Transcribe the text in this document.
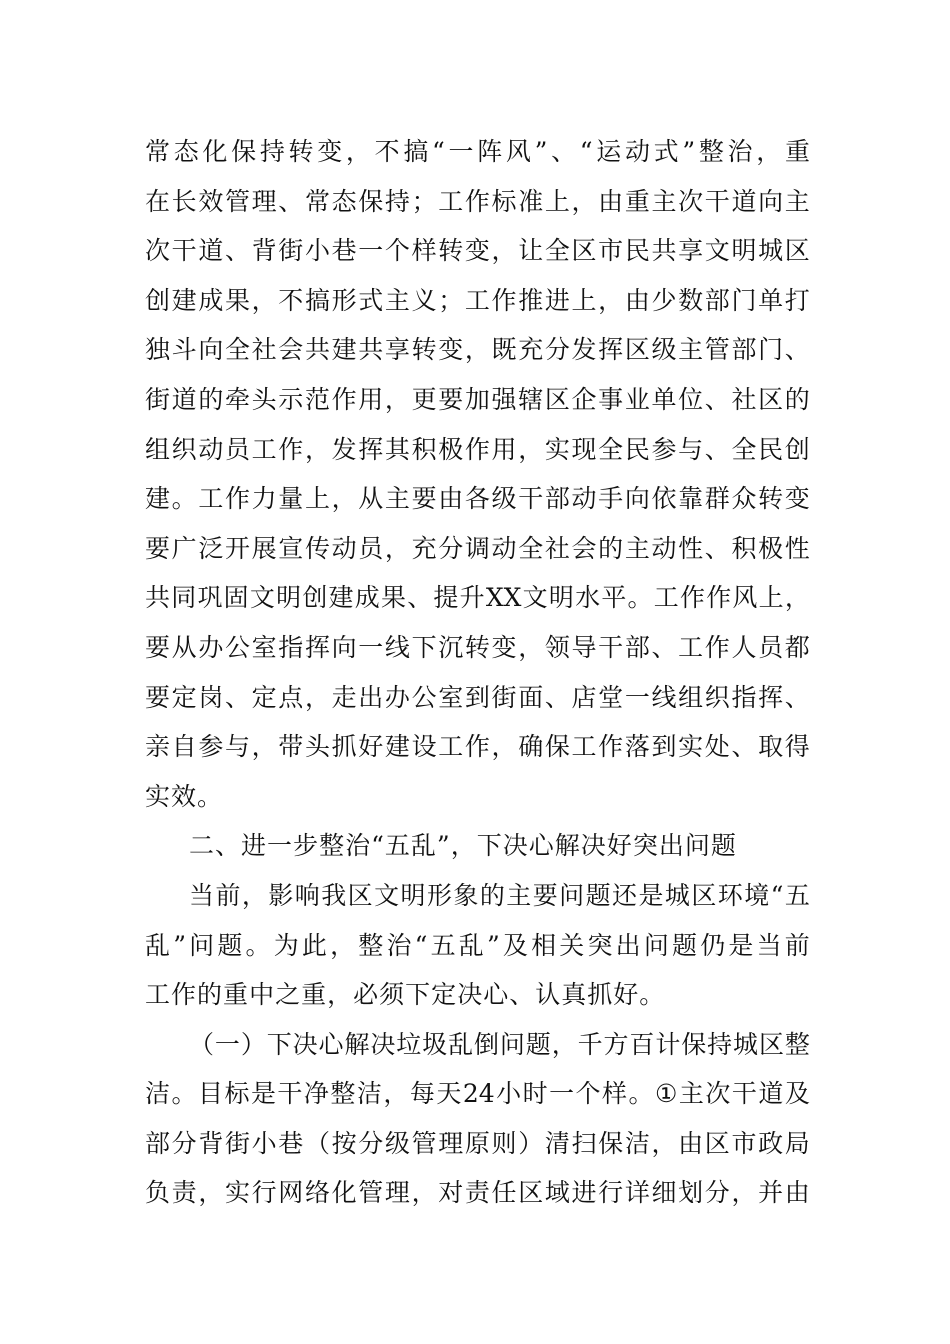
常 态 化 保 持 转 变 ， 不 搞 “ 一 阵 风 ” 、 “ 运 动 式 ” 整 治 ， 重
在 长 效 管 理 、 常 态 保 持 ； 工 作 标 准 上 ， 由 重 主 次 干 道 向 主
次 干 道 、 背 街 小 巷 一 个 样 转 变 ， 让 全 区 市 民 共 享 文 明 城 区
创 建 成 果 ， 不 搞 形 式 主 义 ； 工 作 推 进 上 ， 由 少 数 部 门 单 打
独 斗 向 全 社 会 共 建 共 享 转 变 ， 既 充 分 发 挥 区 级 主 管 部 门 、
街 道 的 牵 头 示 范 作 用 ， 更 要 加 强 辖 区 企 事 业 单 位 、 社 区 的
组 织 动 员 工 作 ， 发 挥 其 积 极 作 用 ， 实 现 全 民 参 与 、 全 民 创
建 。 工 作 力 量 上 ， 从 主 要 由 各 级 干 部 动 手 向 依 靠 群 众 转 变
要 广 泛 开 展 宣 传 动 员 ， 充 分 调 动 全 社 会 的 主 动 性 、 积 极 性
共 同 巩 固 文 明 创 建 成 果 、 提 升 XX 文 明 水 平 。 工 作 作 风 上 ，
要 从 办 公 室 指 挥 向 一 线 下 沉 转 变 ， 领 导 干 部 、 工 作 人 员 都
要 定 岗 、 定 点 ， 走 出 办 公 室 到 街 面 、 店 堂 一 线 组 织 指 挥 、
亲 自 参 与 ， 带 头 抓 好 建 设 工 作 ， 确 保 工 作 落 到 实 处 、 取 得
实 效 。
二 、 进 一 步 整 治 “ 五 乱 ” ， 下 决 心 解 决 好 突 出 问 题
当 前 ， 影 响 我 区 文 明 形 象 的 主 要 问 题 还 是 城 区 环 境 “ 五
乱 ” 问 题 。 为 此 ， 整 治 “ 五 乱 ” 及 相 关 突 出 问 题 仍 是 当 前
工 作 的 重 中 之 重 ， 必 须 下 定 决 心 、 认 真 抓 好 。
（ 一 ） 下 决 心 解 决 垃 圾 乱 倒 问 题 ， 千 方 百 计 保 持 城 区 整
洁 。 目 标 是 干 净 整 洁 ， 每 天 24 小 时 一 个 样 。 ① 主 次 干 道 及
部 分 背 街 小 巷 （ 按 分 级 管 理 原 则 ） 清 扫 保 洁 ， 由 区 市 政 局
负 责 ， 实 行 网 络 化 管 理 ， 对 责 任 区 域 进 行 详 细 划 分 ， 并 由
